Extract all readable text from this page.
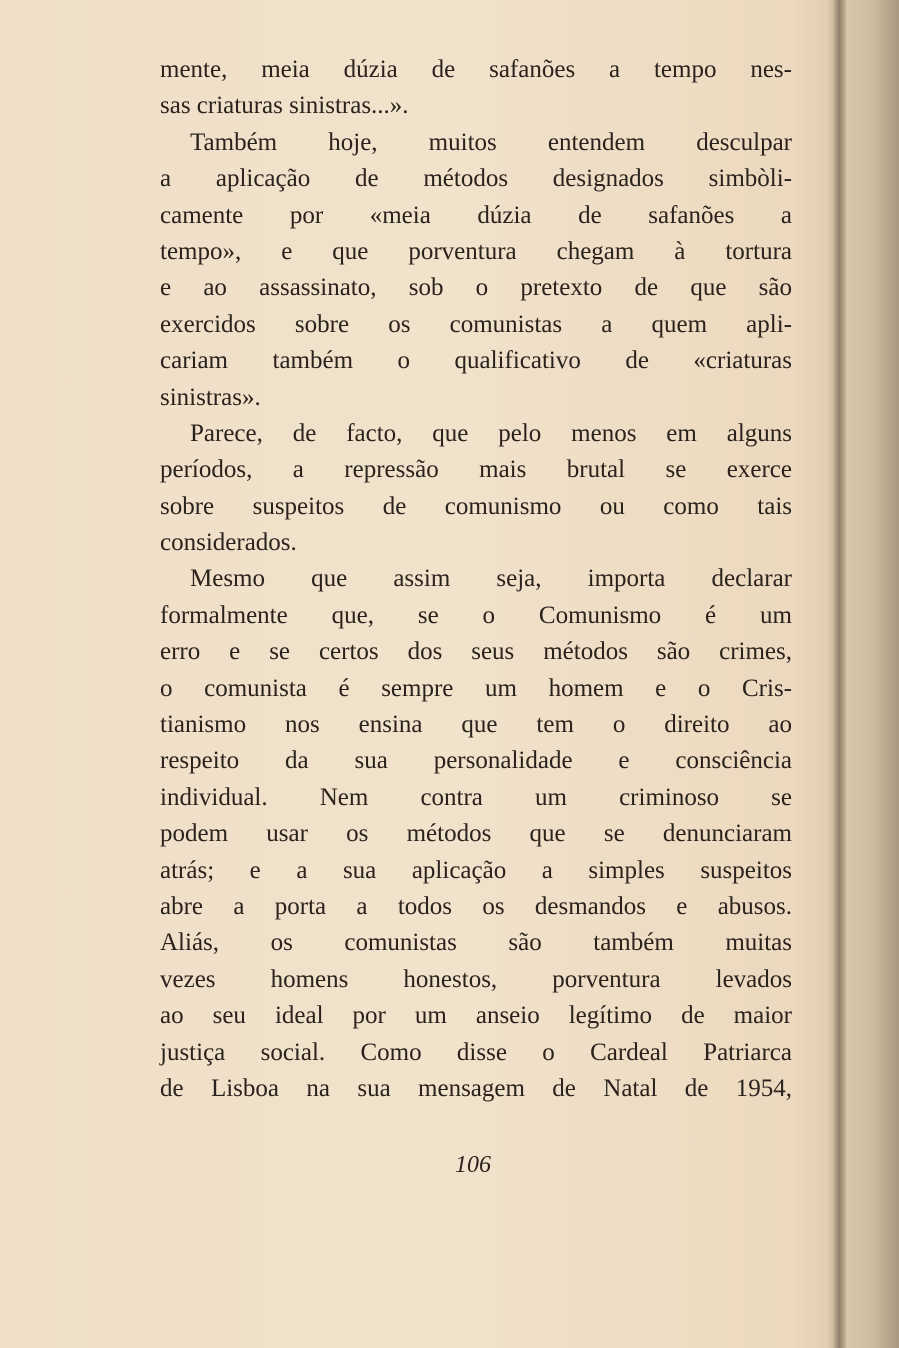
mente, meia dúzia de safanões a tempo nes-
sas criaturas sinistras...».
Também hoje, muitos entendem desculpar
a aplicação de métodos designados simbòli-
camente por «meia dúzia de safanões a
tempo», e que porventura chegam à tortura
e ao assassinato, sob o pretexto de que são
exercidos sobre os comunistas a quem apli-
cariam também o qualificativo de «criaturas
sinistras».
Parece, de facto, que pelo menos em alguns
períodos, a repressão mais brutal se exerce
sobre suspeitos de comunismo ou como tais
considerados.
Mesmo que assim seja, importa declarar
formalmente que, se o Comunismo é um
erro e se certos dos seus métodos são crimes,
o comunista é sempre um homem e o Cris-
tianismo nos ensina que tem o direito ao
respeito da sua personalidade e consciência
individual. Nem contra um criminoso se
podem usar os métodos que se denunciaram
atrás; e a sua aplicação a simples suspeitos
abre a porta a todos os desmandos e abusos.
Aliás, os comunistas são também muitas
vezes homens honestos, porventura levados
ao seu ideal por um anseio legítimo de maior
justiça social. Como disse o Cardeal Patriarca
de Lisboa na sua mensagem de Natal de 1954,
106
